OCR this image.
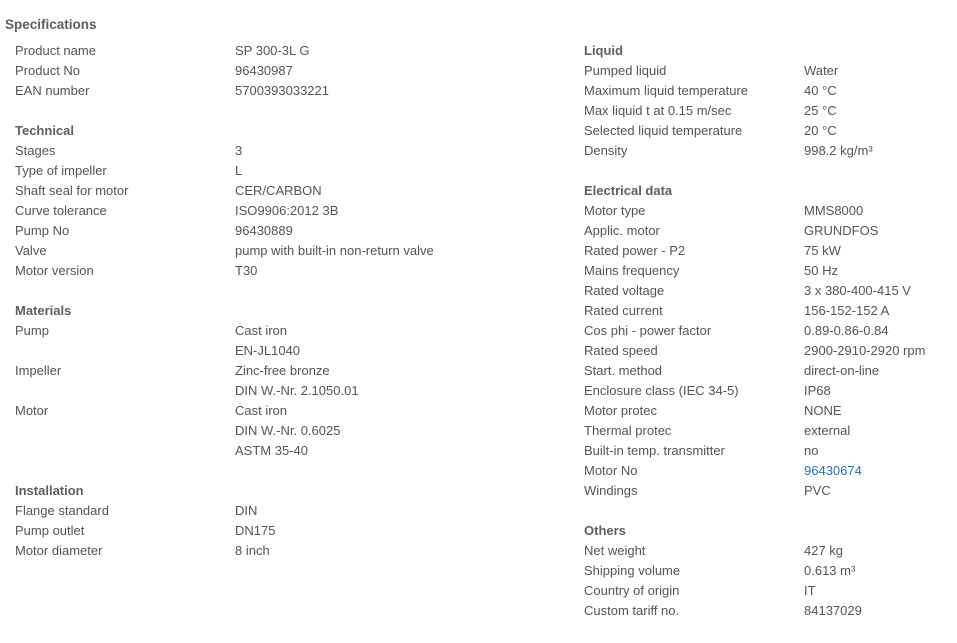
Specifications
Product name	SP 300-3L G
Product No	96430987
EAN number	5700393033221
Technical
Stages	3
Type of impeller	L
Shaft seal for motor	CER/CARBON
Curve tolerance	ISO9906:2012 3B
Pump No	96430889
Valve	pump with built-in non-return valve
Motor version	T30
Materials
Pump	Cast iron
EN-JL1040
Impeller	Zinc-free bronze
DIN W.-Nr. 2.1050.01
Motor	Cast iron
DIN W.-Nr. 0.6025
ASTM 35-40
Installation
Flange standard	DIN
Pump outlet	DN175
Motor diameter	8 inch
Liquid
Pumped liquid	Water
Maximum liquid temperature	40 °C
Max liquid t at 0.15 m/sec	25 °C
Selected liquid temperature	20 °C
Density	998.2 kg/m³
Electrical data
Motor type	MMS8000
Applic. motor	GRUNDFOS
Rated power - P2	75 kW
Mains frequency	50 Hz
Rated voltage	3 x 380-400-415 V
Rated current	156-152-152 A
Cos phi - power factor	0.89-0.86-0.84
Rated speed	2900-2910-2920 rpm
Start. method	direct-on-line
Enclosure class (IEC 34-5)	IP68
Motor protec	NONE
Thermal protec	external
Built-in temp. transmitter	no
Motor No	96430674
Windings	PVC
Others
Net weight	427 kg
Shipping volume	0.613 m³
Country of origin	IT
Custom tariff no.	84137029
